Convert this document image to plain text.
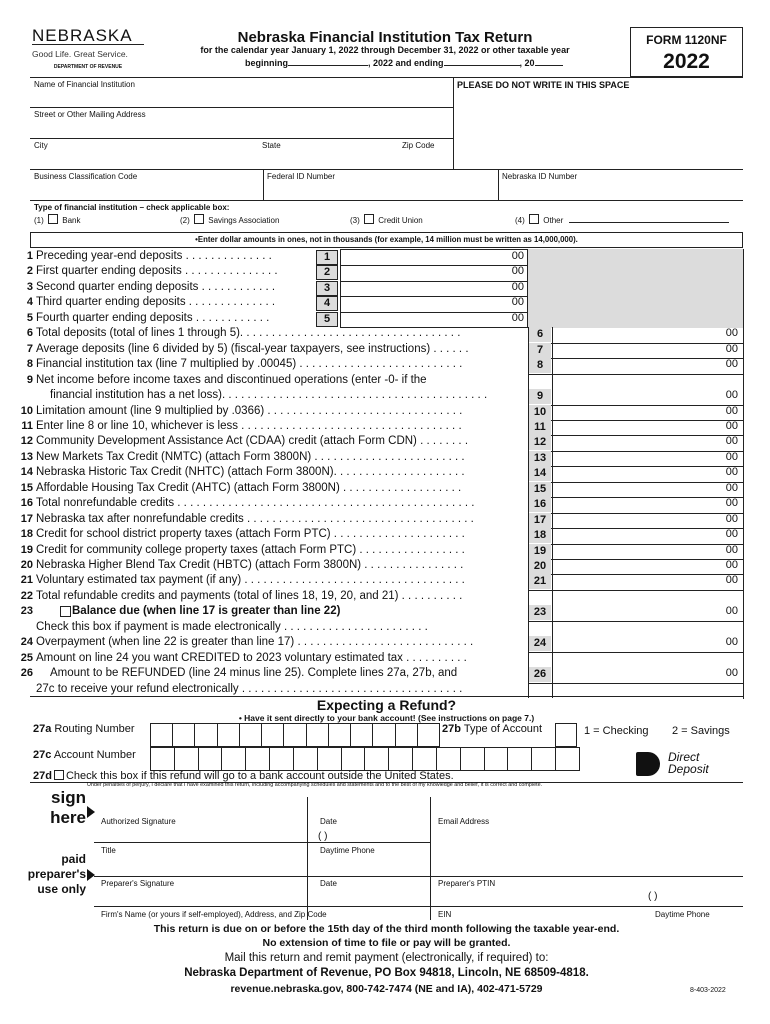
NEBRASKA
Good Life. Great Service.
DEPARTMENT OF REVENUE
Nebraska Financial Institution Tax Return
for the calendar year January 1, 2022 through December 31, 2022 or other taxable year
beginning	, 2022 and ending	, 20
FORM 1120NF
2022
Name of Financial Institution	PLEASE DO NOT WRITE IN THIS SPACE
Street or Other Mailing Address
City	State	Zip Code
Business Classification Code	Federal ID Number	Nebraska ID Number
Type of financial institution – check applicable box:
(1) Bank	(2) Savings Association	(3) Credit Union	(4) Other
•Enter dollar amounts in ones, not in thousands (for example, 14 million must be written as 14,000,000).
1 Preceding year-end deposits . . . . . . . . . . . . . .	1	00
2 First quarter ending deposits . . . . . . . . . . . . . . .	2	00
3 Second quarter ending deposits . . . . . . . . . . . .	3	00
4 Third quarter ending deposits . . . . . . . . . . . . . .	4	00
5 Fourth quarter ending deposits . . . . . . . . . . . .	5	00
6 Total deposits (total of lines 1 through 5). . . . . . . . . . . . . . . . . . . . . . . . . . . . . . . . . . .	6	00
7 Average deposits (line 6 divided by 5) (fiscal-year taxpayers, see instructions) . . . . . .	7	00
8 Financial institution tax (line 7 multiplied by .00045) . . . . . . . . . . . . . . . . . . . . . . . . . .	8	00
9 Net income before income taxes and discontinued operations (enter -0- if the
financial institution has a net loss). . . . . . . . . . . . . . . . . . . . . . . . . . . . . . . . . . . . . . . . . .	9	00
10 Limitation amount (line 9 multiplied by .0366) . . . . . . . . . . . . . . . . . . . . . . . . . . . . . . .	10	00
11 Enter line 8 or line 10, whichever is less . . . . . . . . . . . . . . . . . . . . . . . . . . . . . . . . . . .	11	00
12 Community Development Assistance Act (CDAA) credit (attach Form CDN) . . . . . . . .	12	00
13 New Markets Tax Credit (NMTC) (attach Form 3800N) . . . . . . . . . . . . . . . . . . . . . . . .	13	00
14 Nebraska Historic Tax Credit (NHTC) (attach Form 3800N). . . . . . . . . . . . . . . . . . . . .	14	00
15 Affordable Housing Tax Credit (AHTC) (attach Form 3800N) . . . . . . . . . . . . . . . . . . .	15	00
16 Total nonrefundable credits . . . . . . . . . . . . . . . . . . . . . . . . . . . . . . . . . . . . . . . . . . . . . . .	16	00
17 Nebraska tax after nonrefundable credits . . . . . . . . . . . . . . . . . . . . . . . . . . . . . . . . . . . .	17	00
18 Credit for school district property taxes (attach Form PTC) . . . . . . . . . . . . . . . . . . . . .	18	00
19 Credit for community college property taxes (attach Form PTC) . . . . . . . . . . . . . . . . .	19	00
20 Nebraska Higher Blend Tax Credit (HBTC) (attach Form 3800N) . . . . . . . . . . . . . . . .	20	00
21 Voluntary estimated tax payment (if any) . . . . . . . . . . . . . . . . . . . . . . . . . . . . . . . . . . .	21	00
22 Total refundable credits and payments (total of lines 18, 19, 20, and 21) . . . . . . . . . .
23	Balance due (when line 17 is greater than line 22)	23	00
Check this box if payment is made electronically . . . . . . . . . . . . . . . . . . . . . . .
24 Overpayment (when line 22 is greater than line 17) . . . . . . . . . . . . . . . . . . . . . . . . . . . .	24	00
25 Amount on line 24 you want CREDITED to 2023 voluntary estimated tax . . . . . . . . . .
26 Amount to be REFUNDED (line 24 minus line 25). Complete lines 27a, 27b, and	26	00
27c to receive your refund electronically . . . . . . . . . . . . . . . . . . . . . . . . . . . . . . . . . . .
Expecting a Refund?
• Have it sent directly to your bank account! (See instructions on page 7.)
27a Routing Number	27b Type of Account	1 = Checking 2 = Savings
27c Account Number	Direct
Deposit
27d Check this box if this refund will go to a bank account outside the United States.
Under penalties of perjury, I declare that I have examined this return, including accompanying schedules and statements and to the best of my knowledge and belief, it is correct and complete.
sign
here Authorized Signature	Date	Email Address
( )
Title	Daytime Phone
paid
preparer's
use only Preparer's Signature	Date	Preparer's PTIN
( )
Firm's Name (or yours if self-employed), Address, and Zip Code	EIN	Daytime Phone
This return is due on or before the 15th day of the third month following the taxable year-end.
No extension of time to file or pay will be granted.
Mail this return and remit payment (electronically, if required) to:
Nebraska Department of Revenue, PO Box 94818, Lincoln, NE 68509-4818.
revenue.nebraska.gov, 800-742-7474 (NE and IA), 402-471-5729	8-403-2022
